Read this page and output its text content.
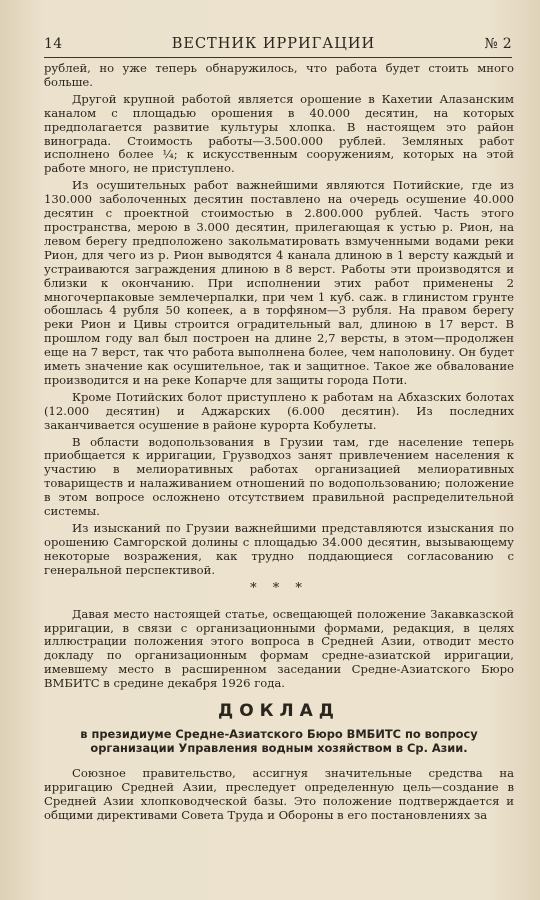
14	ВЕСТНИК ИРРИГАЦИИ	№ 2

рублей, но уже теперь обнаружилось, что работа будет стоить много больше.

Другой крупной работой является орошение в Кахетии Алазанским каналом с площадью орошения в 40.000 десятин, на которых предполагается развитие культуры хлопка. В настоящем это район винограда. Стоимость работы—3.500.000 рублей. Земляных работ исполнено более ¼; к искусственным сооружениям, которых на этой работе много, не приступлено.

Из осушительных работ важнейшими являются Потийские, где из 130.000 заболоченных десятин поставлено на очередь осушение 40.000 десятин с проектной стоимостью в 2.800.000 рублей. Часть этого пространства, мерою в 3.000 десятин, прилегающая к устью р. Рион, на левом берегу предположено закольматировать взмученными водами реки Рион, для чего из р. Рион выводятся 4 канала длиною в 1 версту каждый и устраиваются заграждения длиною в 8 верст. Работы эти производятся и близки к окончанию. При исполнении этих работ применены 2 многочерпаковые землечерпалки, при чем 1 куб. саж. в глинистом грунте обошлась 4 рубля 50 копеек, а в торфяном—3 рубля. На правом берегу реки Рион и Цивы строится оградительный вал, длиною в 17 верст. В прошлом году вал был построен на длине 2,7 версты, в этом—продолжен еще на 7 верст, так что работа выполнена более, чем наполовину. Он будет иметь значение как осушительное, так и защитное. Такое же обвалование производится и на реке Копарче для защиты города Поти.

Кроме Потийских болот приступлено к работам на Абхазских болотах (12.000 десятин) и Аджарских (6.000 десятин). Из последних заканчивается осушение в районе курорта Кобулеты.

В области водопользования в Грузии там, где население теперь приобщается к ирригации, Грузводхоз занят привлечением населения к участию в мелиоративных работах организацией мелиоративных товариществ и налаживанием отношений по водопользованию; положение в этом вопросе осложнено отсутствием правильной распределительной системы.

Из изысканий по Грузии важнейшими представляются изыскания по орошению Самгорской долины с площадью 34.000 десятин, вызывающему некоторые возражения, как трудно поддающиеся согласованию с генеральной перспективой.

* * *

Давая место настоящей статье, освещающей положение Закавказской ирригации, в связи с организационными формами, редакция, в целях иллюстрации положения этого вопроса в Средней Азии, отводит место докладу по организационным формам средне-азиатской ирригации, имевшему место в расширенном заседании Средне-Азиатского Бюро ВМБИТС в средине декабря 1926 года.

ДОКЛАД
в президиуме Средне-Азиатского Бюро ВМБИТС по вопросу организации Управления водным хозяйством в Ср. Азии.

Союзное правительство, ассигнуя значительные средства на ирригацию Средней Азии, преследует определенную цель—создание в Средней Азии хлопководческой базы. Это положение подтверждается и общими директивами Совета Труда и Обороны в его постановлениях за
